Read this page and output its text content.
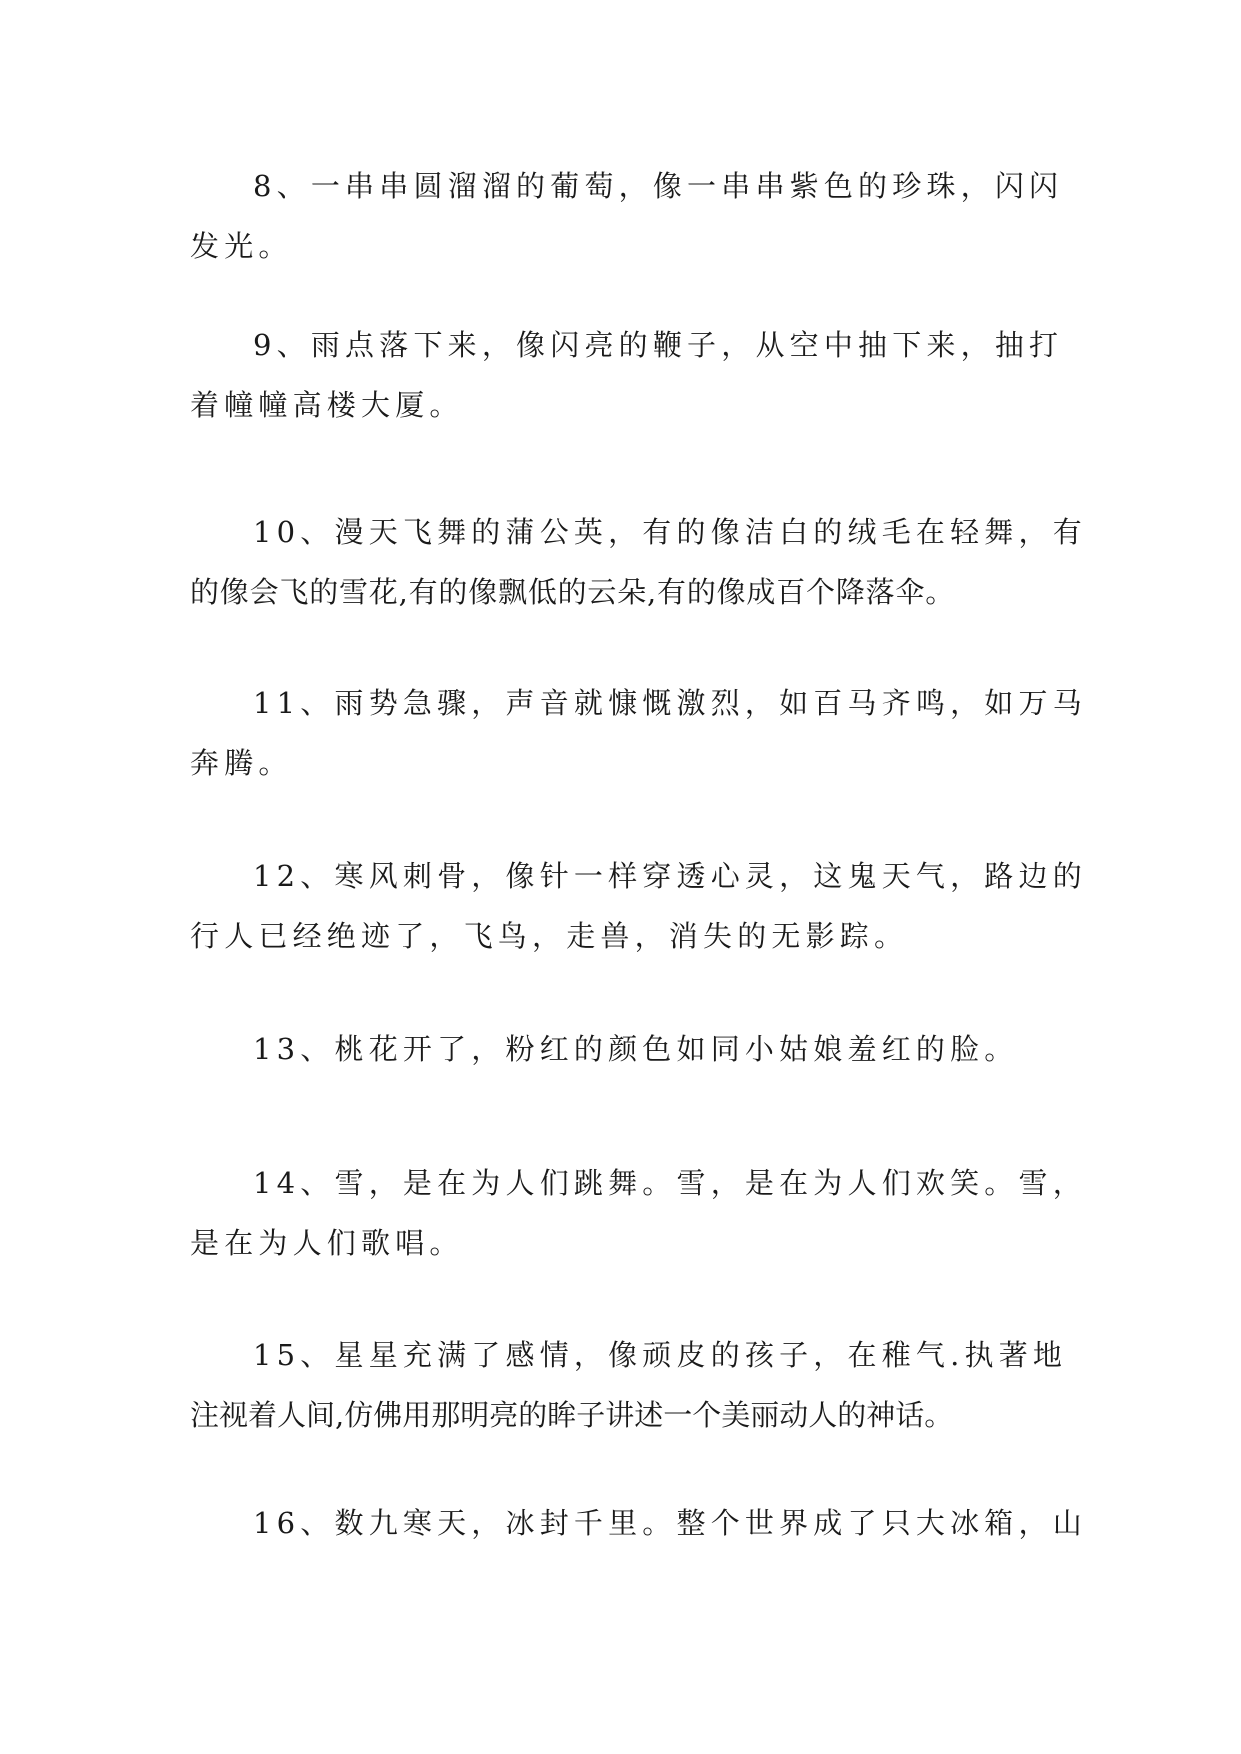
8、一串串圆溜溜的葡萄，像一串串紫色的珍珠，闪闪
发光。
9、雨点落下来，像闪亮的鞭子，从空中抽下来，抽打
着幢幢高楼大厦。
10、漫天飞舞的蒲公英，有的像洁白的绒毛在轻舞，有
的像会飞的雪花,有的像飘低的云朵,有的像成百个降落伞。
11、雨势急骤，声音就慷慨激烈，如百马齐鸣，如万马
奔腾。
12、寒风刺骨，像针一样穿透心灵，这鬼天气，路边的
行人已经绝迹了，飞鸟，走兽，消失的无影踪。
13、桃花开了，粉红的颜色如同小姑娘羞红的脸。
14、雪，是在为人们跳舞。雪，是在为人们欢笑。雪，
是在为人们歌唱。
15、星星充满了感情，像顽皮的孩子，在稚气.执著地
注视着人间,仿佛用那明亮的眸子讲述一个美丽动人的神话。
16、数九寒天，冰封千里。整个世界成了只大冰箱，山
